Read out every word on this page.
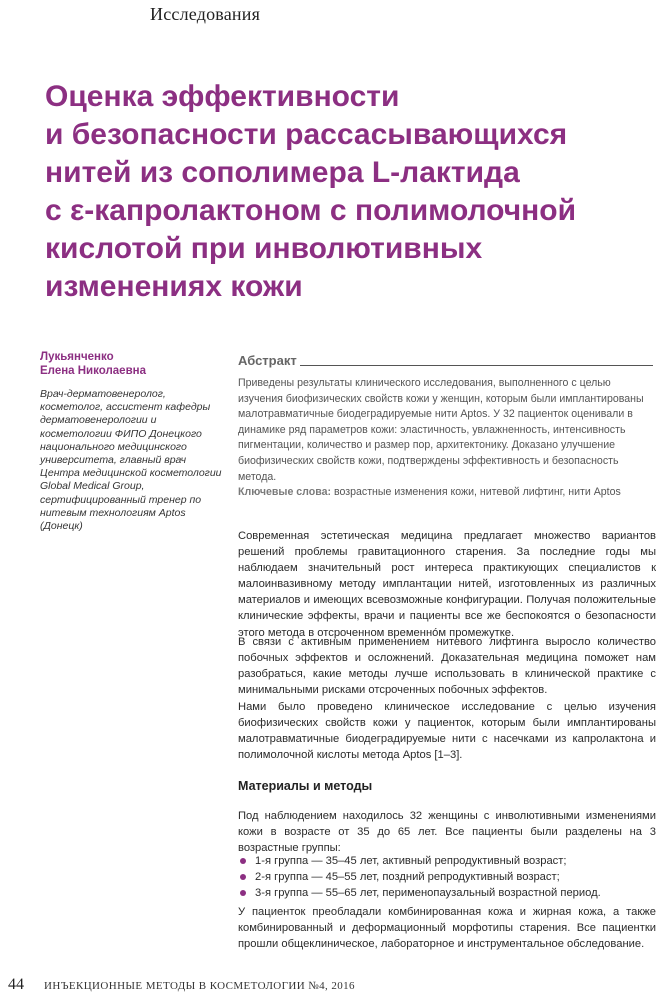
Исследования
Оценка эффективности
и безопасности рассасывающихся
нитей из сополимера L-лактида
с ε-капролактоном с полимолочной
кислотой при инволютивных
изменениях кожи
Лукьянченко
Елена Николаевна
Врач-дерматовенеролог, косметолог, ассистент кафедры дерматовенерологии и косметологии ФИПО Донецкого национального медицинского университета, главный врач Центра медицинской косметологии Global Medical Group, сертифицированный тренер по нитевым технологиям Aptos (Донецк)
Абстракт
Приведены результаты клинического исследования, выполненного с целью изучения биофизических свойств кожи у женщин, которым были имплантированы малотравматичные биодеградируемые нити Aptos. У 32 пациенток оценивали в динамике ряд параметров кожи: эластичность, увлажненность, интенсивность пигментации, количество и размер пор, архитектонику. Доказано улучшение биофизических свойств кожи, подтверждены эффективность и безопасность метода.
Ключевые слова: возрастные изменения кожи, нитевой лифтинг, нити Aptos

Современная эстетическая медицина предлагает множество вариантов решений проблемы гравитационного старения. За последние годы мы наблюдаем значительный рост интереса практикующих специалистов к малоинвазивному методу имплантации нитей, изготовленных из различных материалов и имеющих всевозможные конфигурации. Получая положительные клинические эффекты, врачи и пациенты все же беспокоятся о безопасности этого метода в отсроченном временнóм промежутке.

В связи с активным применением нитевого лифтинга выросло количество побочных эффектов и осложнений. Доказательная медицина поможет нам разобраться, какие методы лучше использовать в клинической практике с минимальными рисками отсроченных побочных эффектов.

Нами было проведено клиническое исследование с целью изучения биофизических свойств кожи у пациенток, которым были имплантированы малотравматичные биодеградируемые нити с насечками из капролактона и полимолочной кислоты метода Aptos [1–3].

Материалы и методы

Под наблюдением находилось 32 женщины с инволютивными изменениями кожи в возрасте от 35 до 65 лет. Все пациенты были разделены на 3 возрастные группы:

1-я группа — 35–45 лет, активный репродуктивный возраст;
2-я группа — 45–55 лет, поздний репродуктивный возраст;
3-я группа — 55–65 лет, перименопаузальный возрастной период.

У пациенток преобладали комбинированная кожа и жирная кожа, а также комбинированный и деформационный морфотипы старения. Все пациентки прошли общеклиническое, лабораторное и инструментальное обследование.

44 ИНЪЕКЦИОННЫЕ МЕТОДЫ В КОСМЕТОЛОГИИ №4, 2016
